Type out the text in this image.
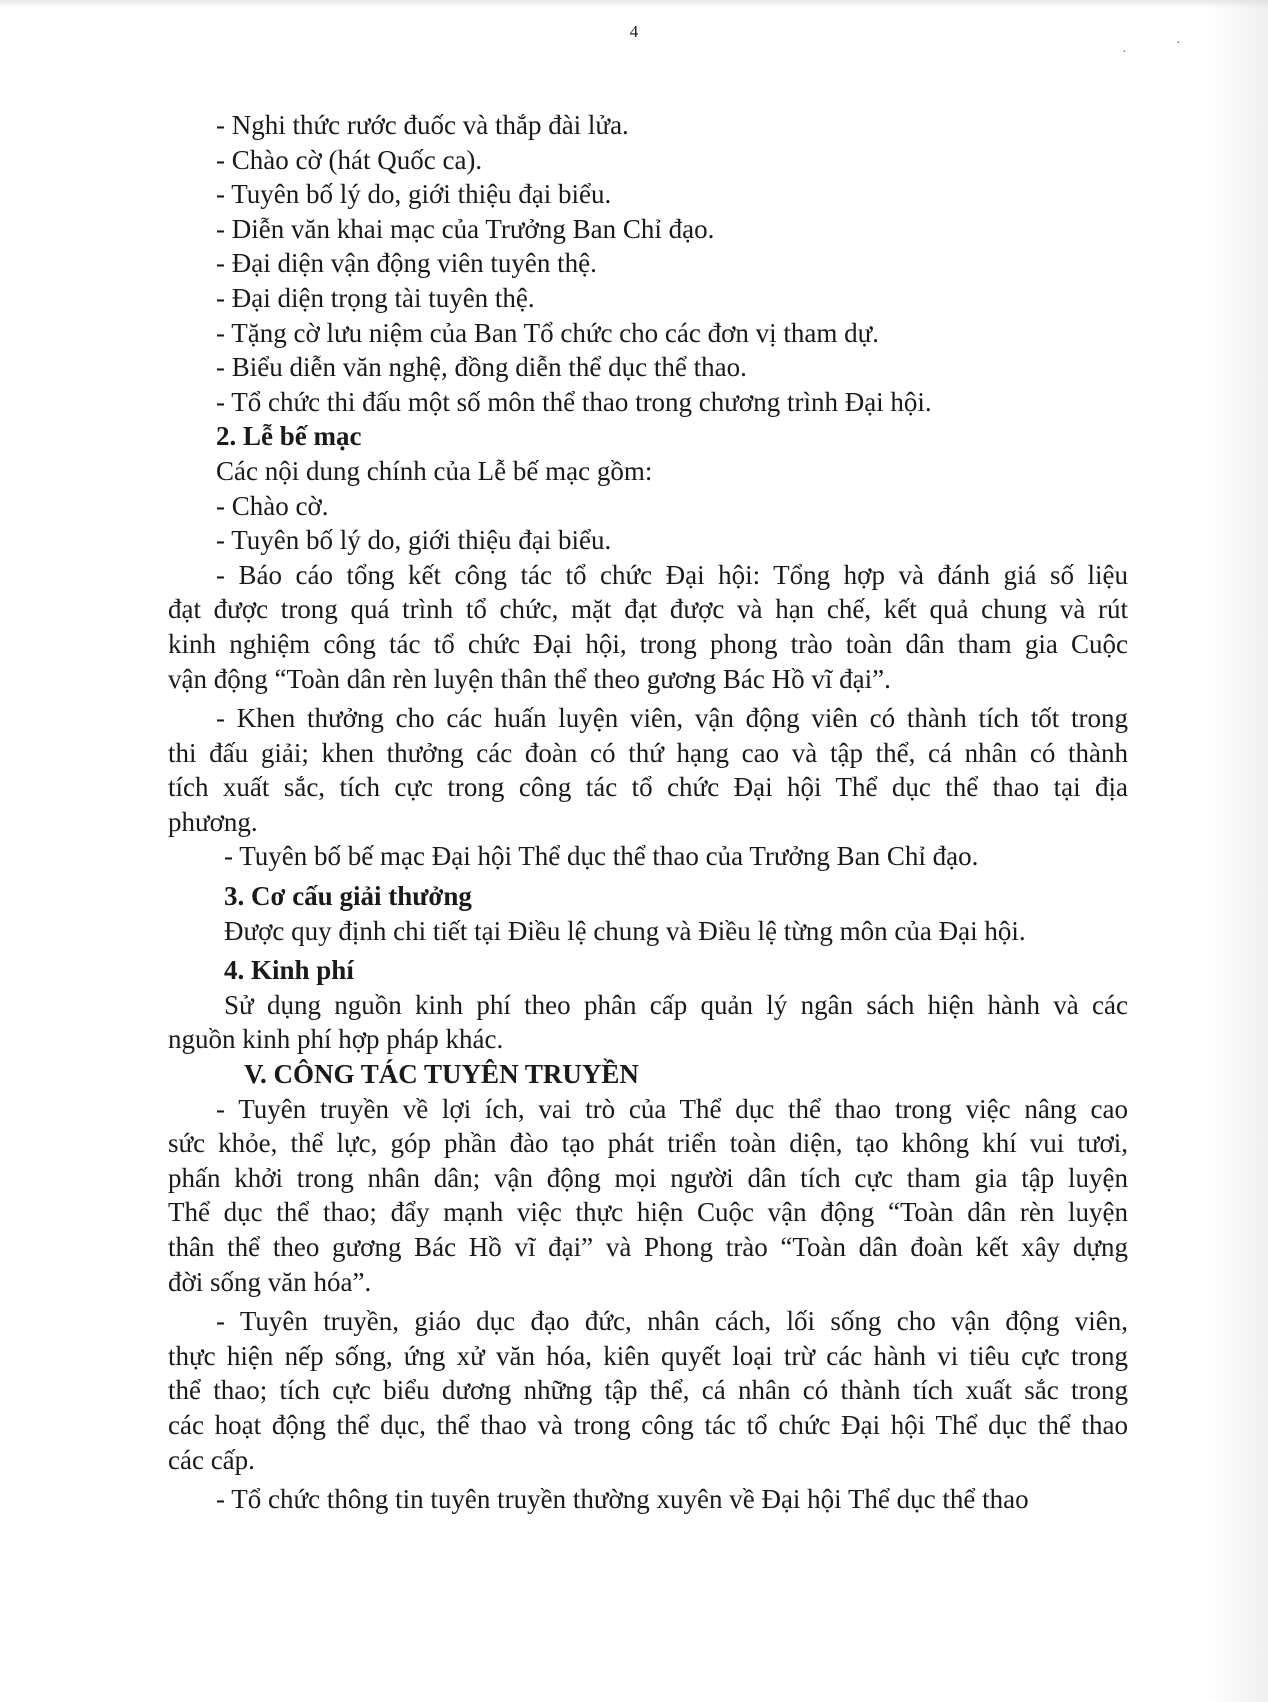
·
·
4
- Nghi thức rước đuốc và thắp đài lửa.
- Chào cờ (hát Quốc ca).
- Tuyên bố lý do, giới thiệu đại biểu.
- Diễn văn khai mạc của Trưởng Ban Chỉ đạo.
- Đại diện vận động viên tuyên thệ.
- Đại diện trọng tài tuyên thệ.
- Tặng cờ lưu niệm của Ban Tổ chức cho các đơn vị tham dự.
- Biểu diễn văn nghệ, đồng diễn thể dục thể thao.
- Tổ chức thi đấu một số môn thể thao trong chương trình Đại hội.
2. Lễ bế mạc
Các nội dung chính của Lễ bế mạc gồm:
- Chào cờ.
- Tuyên bố lý do, giới thiệu đại biểu.
- Báo cáo tổng kết công tác tổ chức Đại hội: Tổng hợp và đánh giá số liệu
đạt được trong quá trình tổ chức, mặt đạt được và hạn chế, kết quả chung và rút
kinh nghiệm công tác tổ chức Đại hội, trong phong trào toàn dân tham gia Cuộc
vận động “Toàn dân rèn luyện thân thể theo gương Bác Hồ vĩ đại”.
- Khen thưởng cho các huấn luyện viên, vận động viên có thành tích tốt trong
thi đấu giải; khen thưởng các đoàn có thứ hạng cao và tập thể, cá nhân có thành
tích xuất sắc, tích cực trong công tác tổ chức Đại hội Thể dục thể thao tại địa
phương.
- Tuyên bố bế mạc Đại hội Thể dục thể thao của Trưởng Ban Chỉ đạo.
3. Cơ cấu giải thưởng
Được quy định chi tiết tại Điều lệ chung và Điều lệ từng môn của Đại hội.
4. Kinh phí
Sử dụng nguồn kinh phí theo phân cấp quản lý ngân sách hiện hành và các
nguồn kinh phí hợp pháp khác.
V. CÔNG TÁC TUYÊN TRUYỀN
- Tuyên truyền về lợi ích, vai trò của Thể dục thể thao trong việc nâng cao
sức khỏe, thể lực, góp phần đào tạo phát triển toàn diện, tạo không khí vui tươi,
phấn khởi trong nhân dân; vận động mọi người dân tích cực tham gia tập luyện
Thể dục thể thao; đẩy mạnh việc thực hiện Cuộc vận động “Toàn dân rèn luyện
thân thể theo gương Bác Hồ vĩ đại” và Phong trào “Toàn dân đoàn kết xây dựng
đời sống văn hóa”.
- Tuyên truyền, giáo dục đạo đức, nhân cách, lối sống cho vận động viên,
thực hiện nếp sống, ứng xử văn hóa, kiên quyết loại trừ các hành vi tiêu cực trong
thể thao; tích cực biểu dương những tập thể, cá nhân có thành tích xuất sắc trong
các hoạt động thể dục, thể thao và trong công tác tổ chức Đại hội Thể dục thể thao
các cấp.
- Tổ chức thông tin tuyên truyền thường xuyên về Đại hội Thể dục thể thao
